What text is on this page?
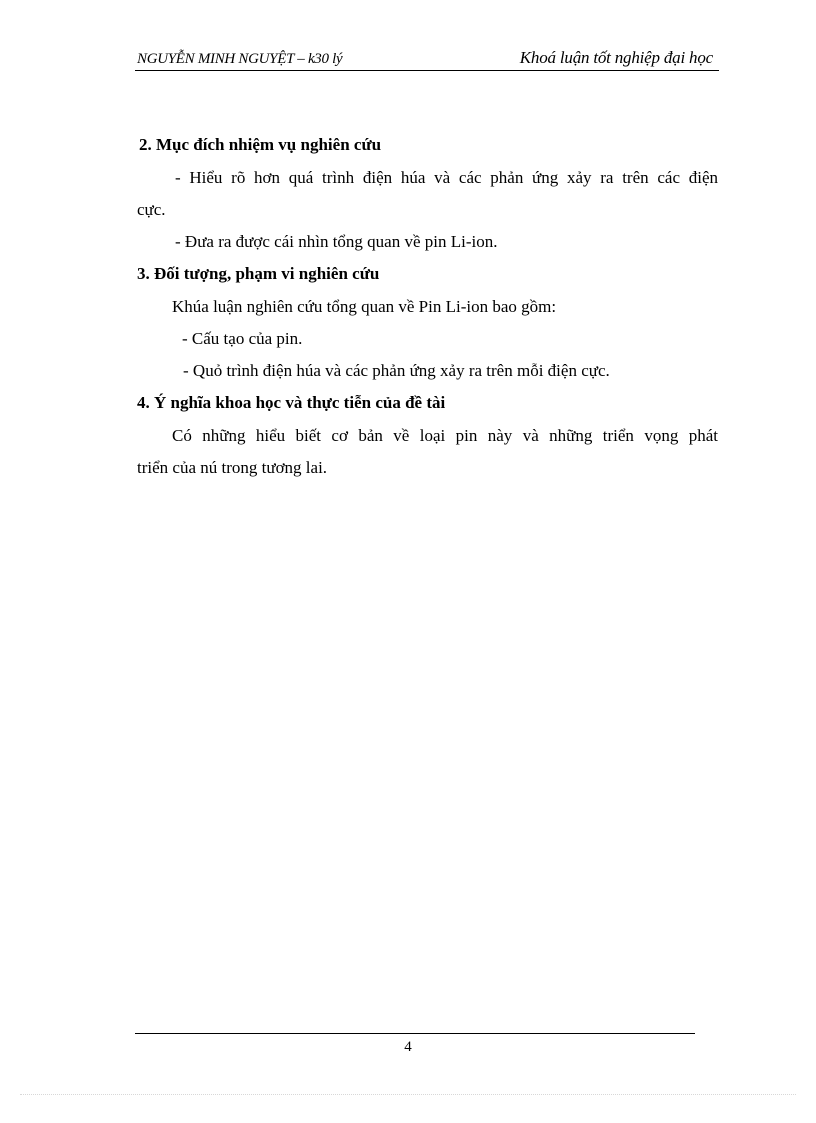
NGUYỄN MINH NGUYỆT – k30 lý	Khoá luận tốt nghiệp đại học
2. Mục đích nhiệm vụ nghiên cứu
- Hiểu rõ hơn quá trình điện húa và các phản ứng xảy ra trên các điện
cực.
- Đưa ra được cái nhìn tổng quan về pin Li-ion.
3. Đối tượng, phạm vi nghiên cứu
Khúa luận nghiên cứu tổng quan về Pin Li-ion bao gồm:
- Cấu tạo của pin.
- Quỏ trình điện húa và các phản ứng xảy ra trên mỗi điện cực.
4. Ý nghĩa khoa học và thực tiễn của đề tài
Có những hiểu biết cơ bản về loại pin này và những triển vọng phát
triển của nú trong tương lai.
4
